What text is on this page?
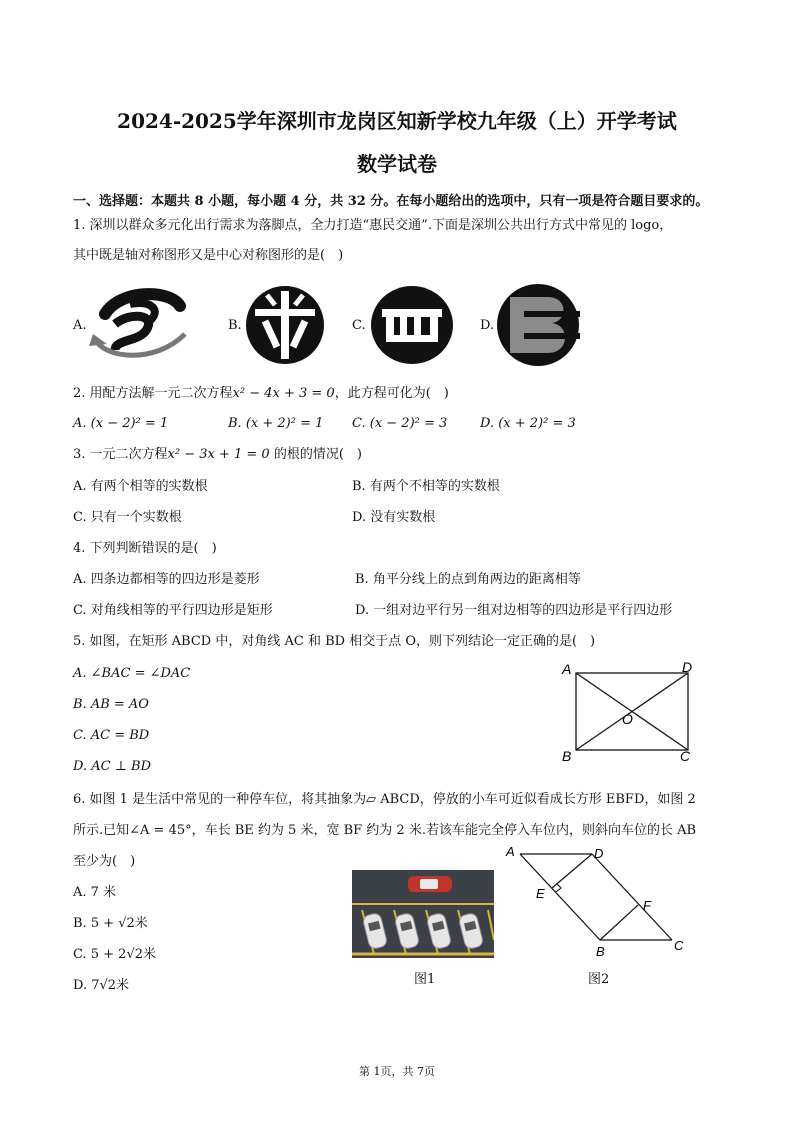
2024-2025学年深圳市龙岗区知新学校九年级（上）开学考试
数学试卷
一、选择题：本题共 8 小题，每小题 4 分，共 32 分。在每小题给出的选项中，只有一项是符合题目要求的。
1. 深圳以群众多元化出行需求为落脚点，全力打造“惠民交通”.下面是深圳公共出行方式中常见的 logo，
其中既是轴对称图形又是中心对称图形的是(　)
A.	B.	C.	D.
2. 用配方法解一元二次方程x² − 4x + 3 = 0，此方程可化为(　)
A. (x − 2)² = 1	B. (x + 2)² = 1 C. (x − 2)² = 3	D. (x + 2)² = 3
3. 一元二次方程x² − 3x + 1 = 0 的根的情况(　)
A. 有两个相等的实数根	B. 有两个不相等的实数根
C. 只有一个实数根	D. 没有实数根
4. 下列判断错误的是(　)
A. 四条边都相等的四边形是菱形	B. 角平分线上的点到角两边的距离相等
C. 对角线相等的平行四边形是矩形	D. 一组对边平行另一组对边相等的四边形是平行四边形
5. 如图，在矩形 ABCD 中，对角线 AC 和 BD 相交于点 O，则下列结论一定正确的是(　)
A. ∠BAC = ∠DAC
B. AB = AO
C. AC = BD
D. AC ⊥ BD
A	D
B	C
O
6. 如图 1 是生活中常见的一种停车位，将其抽象为▱ ABCD，停放的小车可近似看成长方形 EBFD，如图 2
所示.已知∠A = 45°，车长 BE 约为 5 米，宽 BF 约为 2 米.若该车能完全停入车位内，则斜向车位的长 AB
至少为(　)
A. 7 米
B. 5 + √2米
C. 5 + 2√2米
D. 7√2米	图1
A	D
E
F
B	C
图2
第 1页，共 7页
